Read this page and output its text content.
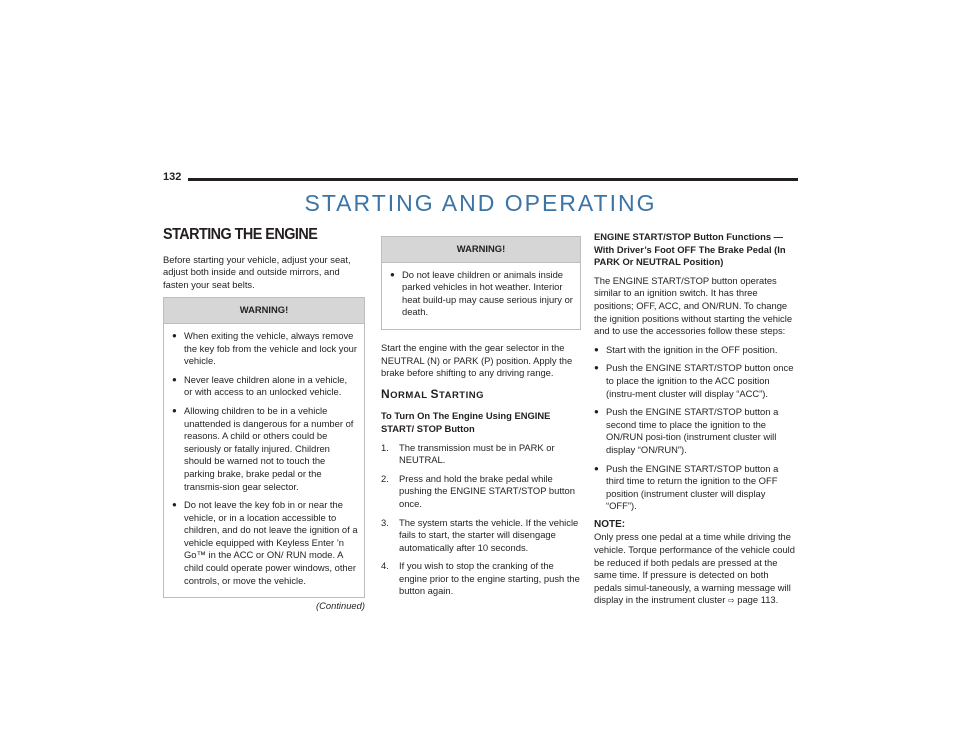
132
STARTING AND OPERATING
STARTING THE ENGINE

Before starting your vehicle, adjust your seat, adjust both inside and outside mirrors, and fasten your seat belts.

WARNING!
● When exiting the vehicle, always remove the key fob from the vehicle and lock your vehicle.
● Never leave children alone in a vehicle, or with access to an unlocked vehicle.
● Allowing children to be in a vehicle unattended is dangerous for a number of reasons. A child or others could be seriously or fatally injured. Children should be warned not to touch the parking brake, brake pedal or the transmis-sion gear selector.
● Do not leave the key fob in or near the vehicle, or in a location accessible to children, and do not leave the ignition of a vehicle equipped with Keyless Enter ’n Go™ in the ACC or ON/ RUN mode. A child could operate power windows, other controls, or move the vehicle.
(Continued)
WARNING!
● Do not leave children or animals inside parked vehicles in hot weather. Interior heat build-up may cause serious injury or death.

Start the engine with the gear selector in the NEUTRAL (N) or PARK (P) position. Apply the brake before shifting to any driving range.

NORMAL STARTING
To Turn On The Engine Using ENGINE START/ STOP Button
1.	The transmission must be in PARK or NEUTRAL.
2.	Press and hold the brake pedal while pushing the ENGINE START/STOP button once.
3.	The system starts the vehicle. If the vehicle fails to start, the starter will disengage automatically after 10 seconds.
4.	If you wish to stop the cranking of the engine prior to the engine starting, push the button again.
ENGINE START/STOP Button Functions — With Driver’s Foot OFF The Brake Pedal (In PARK Or NEUTRAL Position)

The ENGINE START/STOP button operates similar to an ignition switch. It has three positions; OFF, ACC, and ON/RUN. To change the ignition positions without starting the vehicle and to use the accessories follow these steps:

● Start with the ignition in the OFF position.
● Push the ENGINE START/STOP button once to place the ignition to the ACC position (instru-ment cluster will display “ACC”).
● Push the ENGINE START/STOP button a second time to place the ignition to the ON/RUN posi-tion (instrument cluster will display “ON/RUN”).
● Push the ENGINE START/STOP button a third time to return the ignition to the OFF position (instrument cluster will display “OFF”).
NOTE:

Only press one pedal at a time while driving the vehicle. Torque performance of the vehicle could be reduced if both pedals are pressed at the same time. If pressure is detected on both pedals simul-taneously, a warning message will display in the instrument cluster ⇨ page 113.
